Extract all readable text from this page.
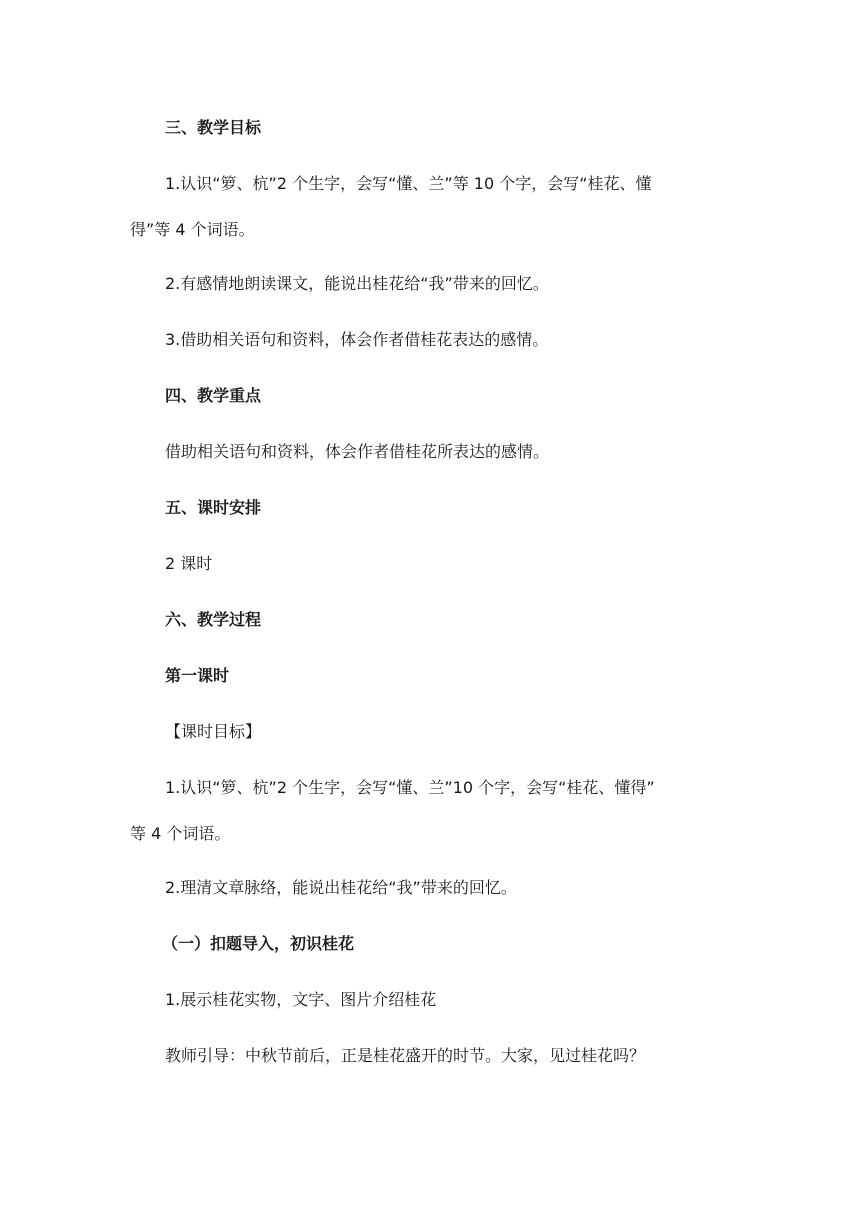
三、教学目标
1.认识“箩、杭”2 个生字，会写“懂、兰”等 10 个字，会写“桂花、懂
得”等 4 个词语。
2.有感情地朗读课文，能说出桂花给“我”带来的回忆。
3.借助相关语句和资料，体会作者借桂花表达的感情。
四、教学重点
借助相关语句和资料，体会作者借桂花所表达的感情。
五、课时安排
2 课时
六、教学过程
第一课时
【课时目标】
1.认识“箩、杭”2 个生字，会写“懂、兰”10 个字，会写“桂花、懂得”
等 4 个词语。
2.理清文章脉络，能说出桂花给“我”带来的回忆。
（一）扣题导入，初识桂花
1.展示桂花实物，文字、图片介绍桂花
教师引导：中秋节前后，正是桂花盛开的时节。大家，见过桂花吗？
